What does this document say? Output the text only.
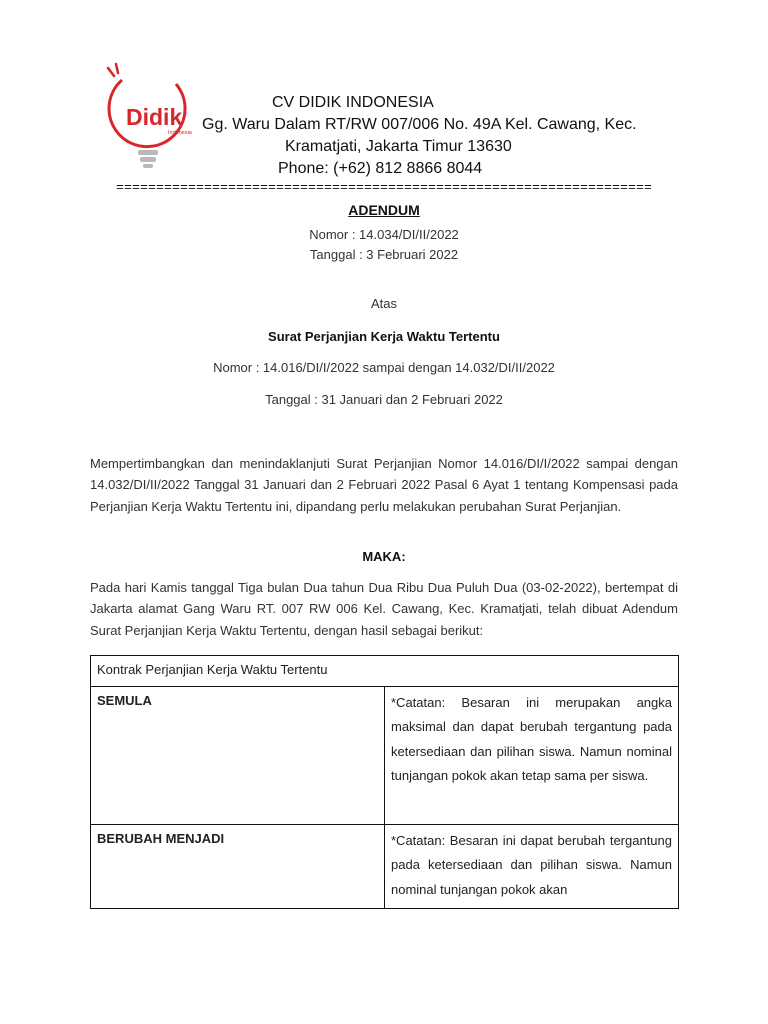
Didik
Indonesia
CV DIDIK INDONESIA
Gg. Waru Dalam RT/RW 007/006 No. 49A Kel. Cawang, Kec.
Kramatjati, Jakarta Timur 13630
Phone: (+62) 812 8866 8044
===================================================================
ADENDUM
Nomor : 14.034/DI/II/2022
Tanggal : 3 Februari 2022
Atas
Surat Perjanjian Kerja Waktu Tertentu
Nomor : 14.016/DI/I/2022 sampai dengan 14.032/DI/II/2022
Tanggal : 31 Januari dan 2 Februari 2022
Mempertimbangkan dan menindaklanjuti Surat Perjanjian Nomor 14.016/DI/I/2022 sampai dengan 14.032/DI/II/2022 Tanggal 31 Januari dan 2 Februari 2022 Pasal 6 Ayat 1 tentang Kompensasi pada Perjanjian Kerja Waktu Tertentu ini, dipandang perlu melakukan perubahan Surat Perjanjian.
MAKA:
Pada hari Kamis tanggal Tiga bulan Dua tahun Dua Ribu Dua Puluh Dua (03-02-2022), bertempat di Jakarta alamat Gang Waru RT. 007 RW 006 Kel. Cawang, Kec. Kramatjati, telah dibuat Adendum Surat Perjanjian Kerja Waktu Tertentu, dengan hasil sebagai berikut:
Kontrak Perjanjian Kerja Waktu Tertentu	
SEMULA	*Catatan: Besaran ini merupakan angka maksimal dan dapat berubah tergantung pada ketersediaan dan pilihan siswa. Namun nominal tunjangan pokok akan tetap sama per siswa.
BERUBAH MENJADI	*Catatan: Besaran ini dapat berubah tergantung pada ketersediaan dan pilihan siswa. Namun nominal tunjangan pokok akan
